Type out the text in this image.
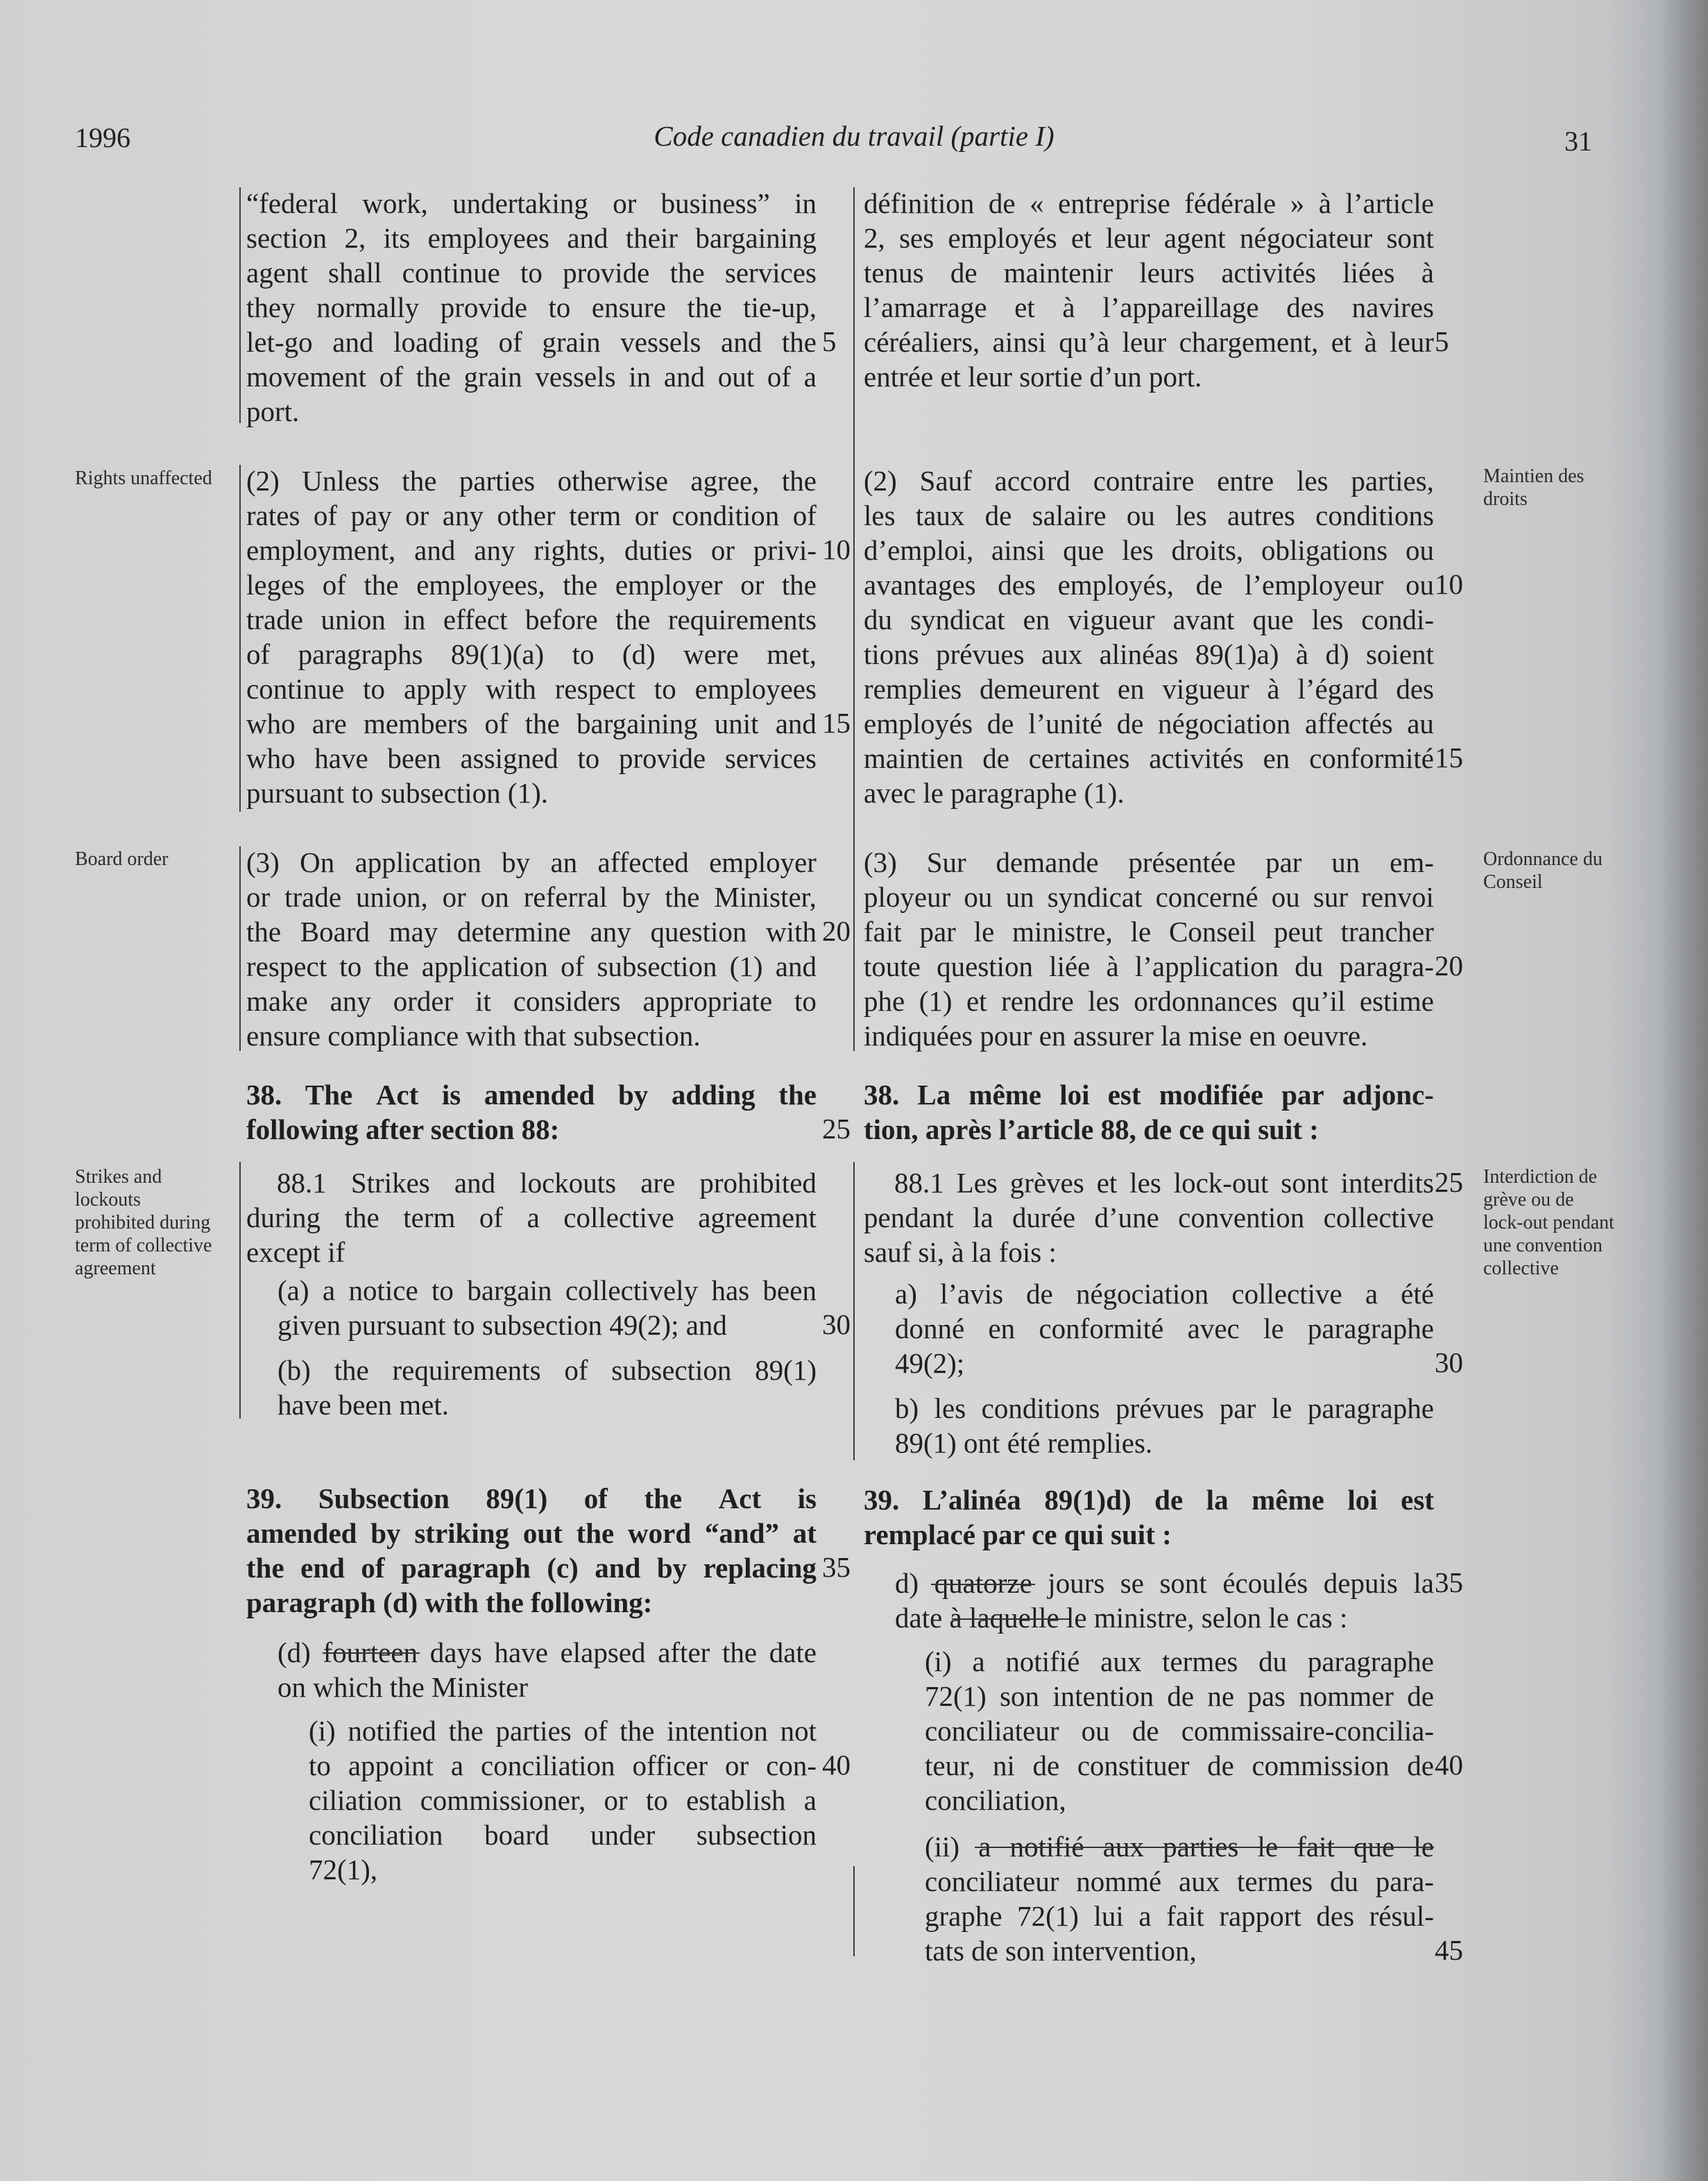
1996	Code canadien du travail (partie I)	31
Rights unaffected
Board order
Strikes and lockouts prohibited during term of collective agreement
Maintien des droits
Ordonnance du Conseil
Interdiction de grève ou de lock-out pendant une convention collective
“federal work, undertaking or business” in
section 2, its employees and their bargaining
agent shall continue to provide the services
they normally provide to ensure the tie-up,
let-go and loading of grain vessels and the
movement of the grain vessels in and out of a
port.
(2) Unless the parties otherwise agree, the
rates of pay or any other term or condition of
employment, and any rights, duties or privi-
leges of the employees, the employer or the
trade union in effect before the requirements
of paragraphs 89(1)(a) to (d) were met,
continue to apply with respect to employees
who are members of the bargaining unit and
who have been assigned to provide services
pursuant to subsection (1).
(3) On application by an affected employer
or trade union, or on referral by the Minister,
the Board may determine any question with
respect to the application of subsection (1) and
make any order it considers appropriate to
ensure compliance with that subsection.
38. The Act is amended by adding the
following after section 88:
88.1 Strikes and lockouts are prohibited
during the term of a collective agreement
except if
(a) a notice to bargain collectively has been
given pursuant to subsection 49(2); and
(b) the requirements of subsection 89(1)
have been met.
39. Subsection 89(1) of the Act is
amended by striking out the word “and” at
the end of paragraph (c) and by replacing
paragraph (d) with the following:
(d) fourteen days have elapsed after the date
on which the Minister
(i) notified the parties of the intention not
to appoint a conciliation officer or con-
ciliation commissioner, or to establish a
conciliation board under subsection
72(1),
définition de « entreprise fédérale » à l’article
2, ses employés et leur agent négociateur sont
tenus de maintenir leurs activités liées à
l’amarrage et à l’appareillage des navires
céréaliers, ainsi qu’à leur chargement, et à leur
entrée et leur sortie d’un port.
(2) Sauf accord contraire entre les parties,
les taux de salaire ou les autres conditions
d’emploi, ainsi que les droits, obligations ou
avantages des employés, de l’employeur ou
du syndicat en vigueur avant que les condi-
tions prévues aux alinéas 89(1)a) à d) soient
remplies demeurent en vigueur à l’égard des
employés de l’unité de négociation affectés au
maintien de certaines activités en conformité
avec le paragraphe (1).
(3) Sur demande présentée par un em-
ployeur ou un syndicat concerné ou sur renvoi
fait par le ministre, le Conseil peut trancher
toute question liée à l’application du paragra-
phe (1) et rendre les ordonnances qu’il estime
indiquées pour en assurer la mise en oeuvre.
38. La même loi est modifiée par adjonc-
tion, après l’article 88, de ce qui suit :
88.1 Les grèves et les lock-out sont interdits
pendant la durée d’une convention collective
sauf si, à la fois :
a) l’avis de négociation collective a été
donné en conformité avec le paragraphe
49(2);
b) les conditions prévues par le paragraphe
89(1) ont été remplies.
39. L’alinéa 89(1)d) de la même loi est
remplacé par ce qui suit :
d) quatorze jours se sont écoulés depuis la
date à laquelle le ministre, selon le cas :
(i) a notifié aux termes du paragraphe
72(1) son intention de ne pas nommer de
conciliateur ou de commissaire-concilia-
teur, ni de constituer de commission de
conciliation,
(ii) a notifié aux parties le fait que le
conciliateur nommé aux termes du para-
graphe 72(1) lui a fait rapport des résul-
tats de son intervention,
5
10
15
20
25
30
35
40
5
10
15
20
25
30
35
40
45
